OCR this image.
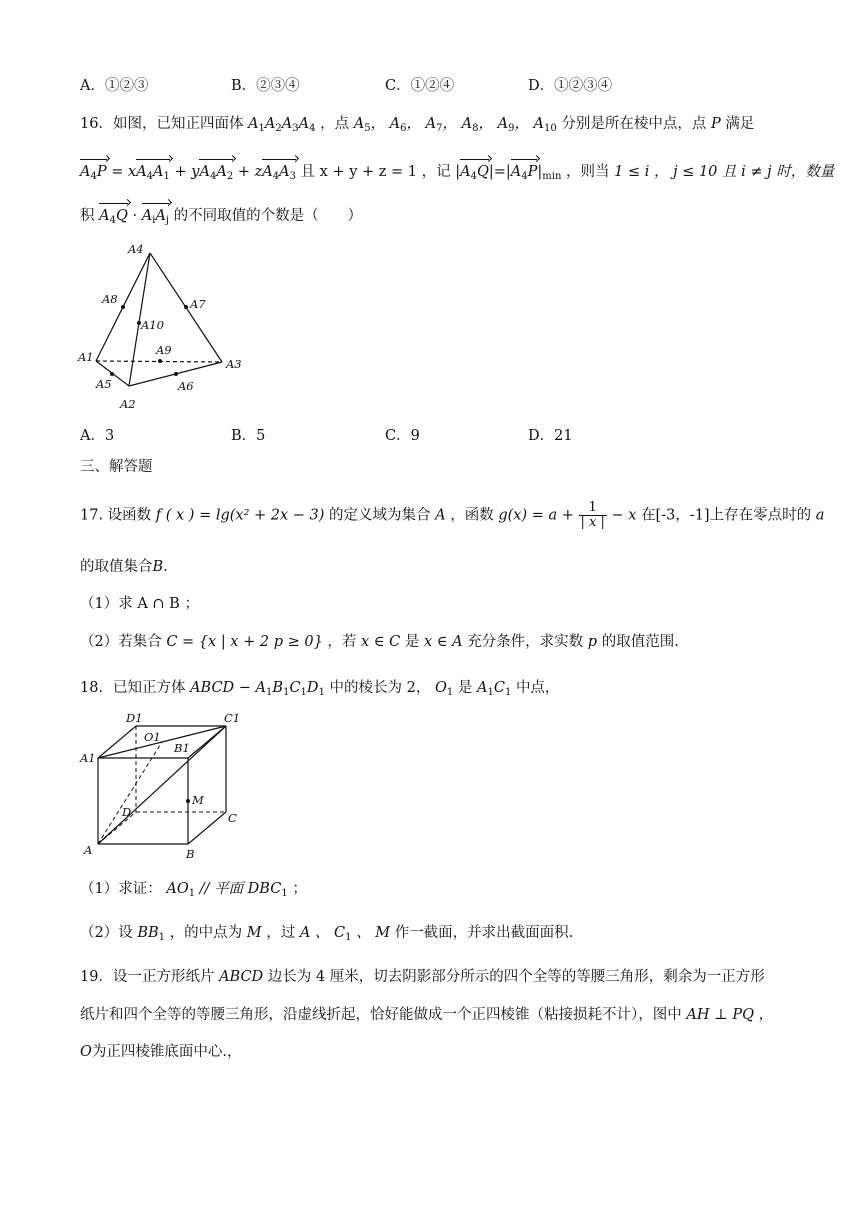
A．①②③	B．②③④	C．①②④	D．①②③④
16．如图，已知正四面体 $A_1A_2A_3A_4$ ，点 $A_5$， $A_6$， $A_7$， $A_8$， $A_9$， $A_{10}$ 分别是所在棱中点，点 P 满足
$A_4P = xA_4A_1 + yA_4A_2 + zA_4A_3$ 且 x + y + z = 1 ，记 $|A_4Q|=|A_4P|_{min}$ ，则当 1 ≤ i ， j ≤ 10 且 i ≠ j 时，数量
积 $A_4Q \cdot A_iA_j$ 的不同取值的个数是（　　）
A4
A8	A7
A10
A1	A9
A3
A5	A6
A2
A．3	B．5	C．9	D．21
三、解答题
17. 设函数 f ( x ) = lg(x² + 2x − 3) 的定义域为集合 A ，函数 $g(x) = a + \frac{1}{| x |} - x$ 在[-3，-1]上存在零点时的 a
的取值集合B.
（1）求 A ∩ B ；
（2）若集合 C = {x | x + 2 p ≥ 0} ，若 x ∈ C 是 x ∈ A 充分条件，求实数 p 的取值范围.
18．已知正方体 ABCD − $A_1B_1C_1D_1$ 中的棱长为 2， $O_1$ 是 $A_1C_1$ 中点，
D1	C1
O1
B1
A1
M
D	C
A	B
（1）求证： $AO_1$ // 平面 $DBC_1$ ；
（2）设 $BB_1$ ，的中点为 M ，过 A 、 $C_1$ 、 M 作一截面，并求出截面面积.
19．设一正方形纸片 ABCD 边长为 4 厘米，切去阴影部分所示的四个全等的等腰三角形，剩余为一正方形
纸片和四个全等的等腰三角形，沿虚线折起，恰好能做成一个正四棱锥（粘接损耗不计），图中 AH ⊥ PQ ，
O为正四棱锥底面中心.，
